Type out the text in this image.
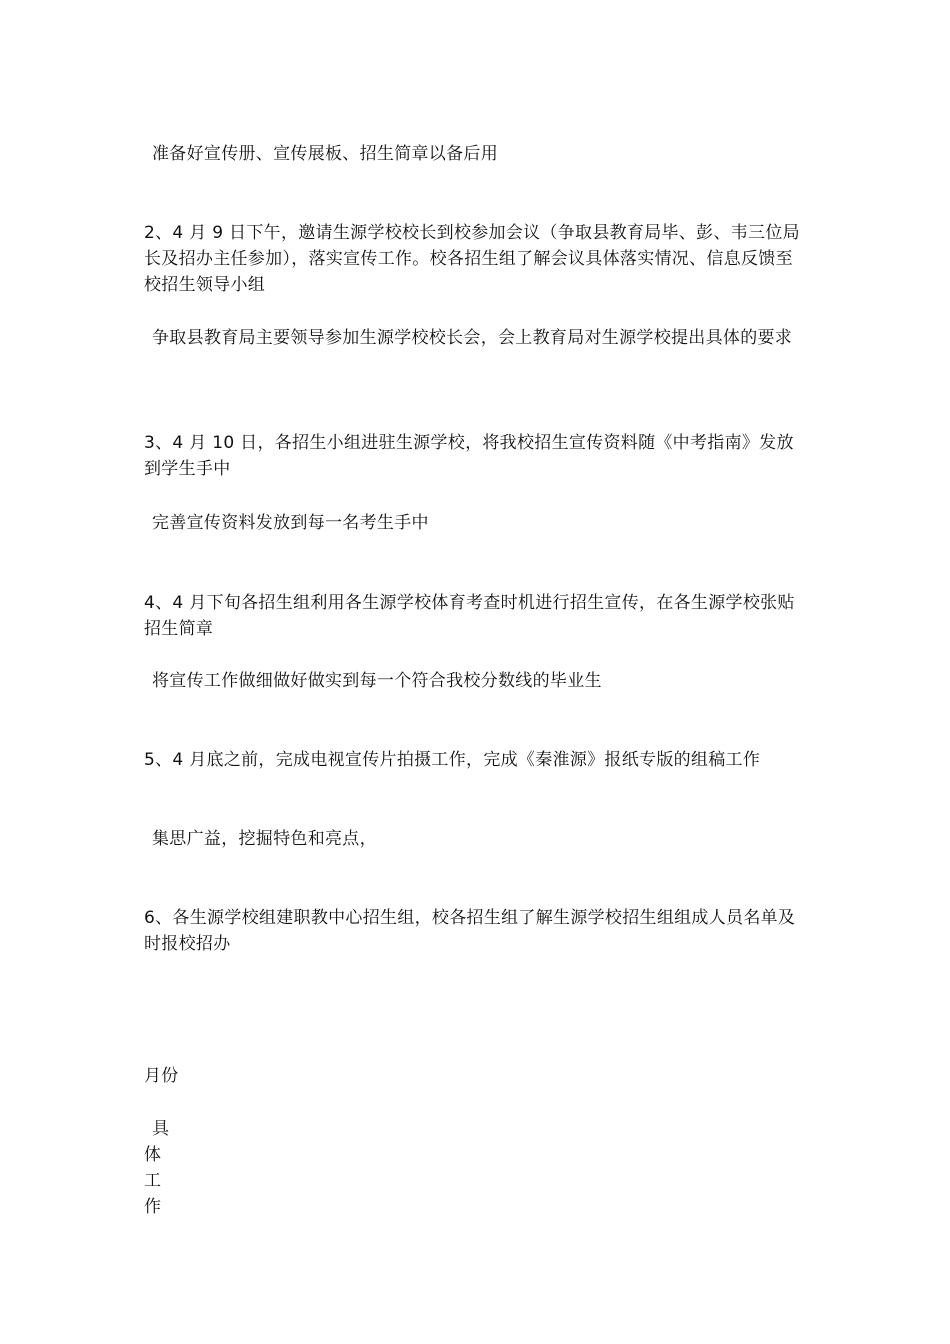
准备好宣传册、宣传展板、招生简章以备后用
2、4 月 9 日下午，邀请生源学校校长到校参加会议（争取县教育局毕、彭、韦三位局长及招办主任参加），落实宣传工作。校各招生组了解会议具体落实情况、信息反馈至校招生领导小组
争取县教育局主要领导参加生源学校校长会，会上教育局对生源学校提出具体的要求
3、4 月 10 日，各招生小组进驻生源学校，将我校招生宣传资料随《中考指南》发放到学生手中
完善宣传资料发放到每一名考生手中
4、4 月下旬各招生组利用各生源学校体育考查时机进行招生宣传，在各生源学校张贴招生简章
将宣传工作做细做好做实到每一个符合我校分数线的毕业生
5、4 月底之前，完成电视宣传片拍摄工作，完成《秦淮源》报纸专版的组稿工作
集思广益，挖掘特色和亮点，
6、各生源学校组建职教中心招生组，校各招生组了解生源学校招生组组成人员名单及时报校招办
月份
具
体
工
作
